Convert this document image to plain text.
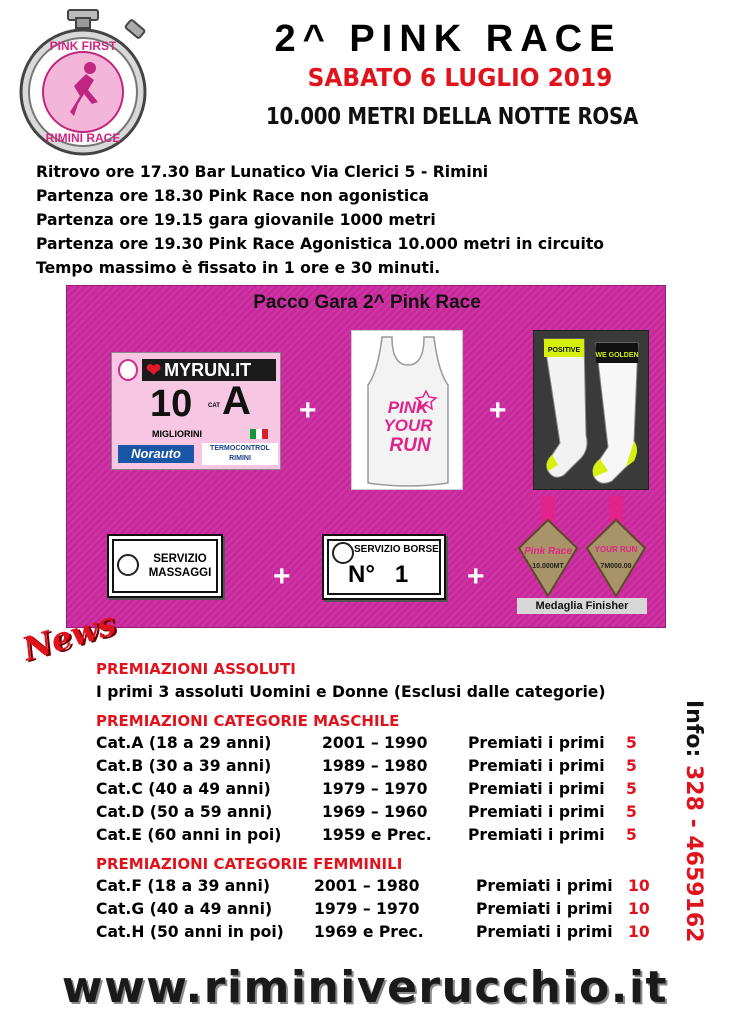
PINK FIRST
RIMINI RACE
2^ PINK RACE
SABATO 6 LUGLIO 2019
10.000 METRI DELLA NOTTE ROSA
Ritrovo ore 17.30 Bar Lunatico Via Clerici 5 - Rimini
Partenza ore 18.30 Pink Race non agonistica
Partenza ore 19.15 gara giovanile 1000 metri
Partenza ore 19.30 Pink Race Agonistica 10.000 metri in circuito
Tempo massimo è fissato in 1 ore e 30 minuti.
Pacco Gara 2^ Pink Race
❤ MYRUN.IT
10	CAT A
MIGLIORINI
Norauto	TERMOCONTROL
RIMINI
+	PINK
YOUR
RUN
+
POSITIVE
WE GOLDEN
SERVIZIO
MASSAGGI +
SERVIZIO BORSE
N°   1	+
Pink Race
10.000MT
YOUR RUN
7M000.00
Medaglia Finisher
News
PREMIAZIONI ASSOLUTI
I primi 3 assoluti Uomini e Donne (Esclusi dalle categorie)
PREMIAZIONI CATEGORIE MASCHILE
Cat.A (18 a 29 anni)	2001 – 1990	Premiati i primi 5
Cat.B (30 a 39 anni)	1989 – 1980	Premiati i primi 5
Cat.C (40 a 49 anni)	1979 – 1970	Premiati i primi 5
Cat.D (50 a 59 anni)	1969 – 1960	Premiati i primi 5
Cat.E (60 anni in poi)	1959 e Prec. Premiati i primi 5
PREMIAZIONI CATEGORIE FEMMINILI
Cat.F (18 a 39 anni)	2001 – 1980	Premiati i primi 10
Cat.G (40 a 49 anni)	1979 – 1970	Premiati i primi 10
Cat.H (50 anni in poi) 1969 e Prec.	Premiati i primi 10
Info: 328 - 4659162
www.riminiverucchio.it
